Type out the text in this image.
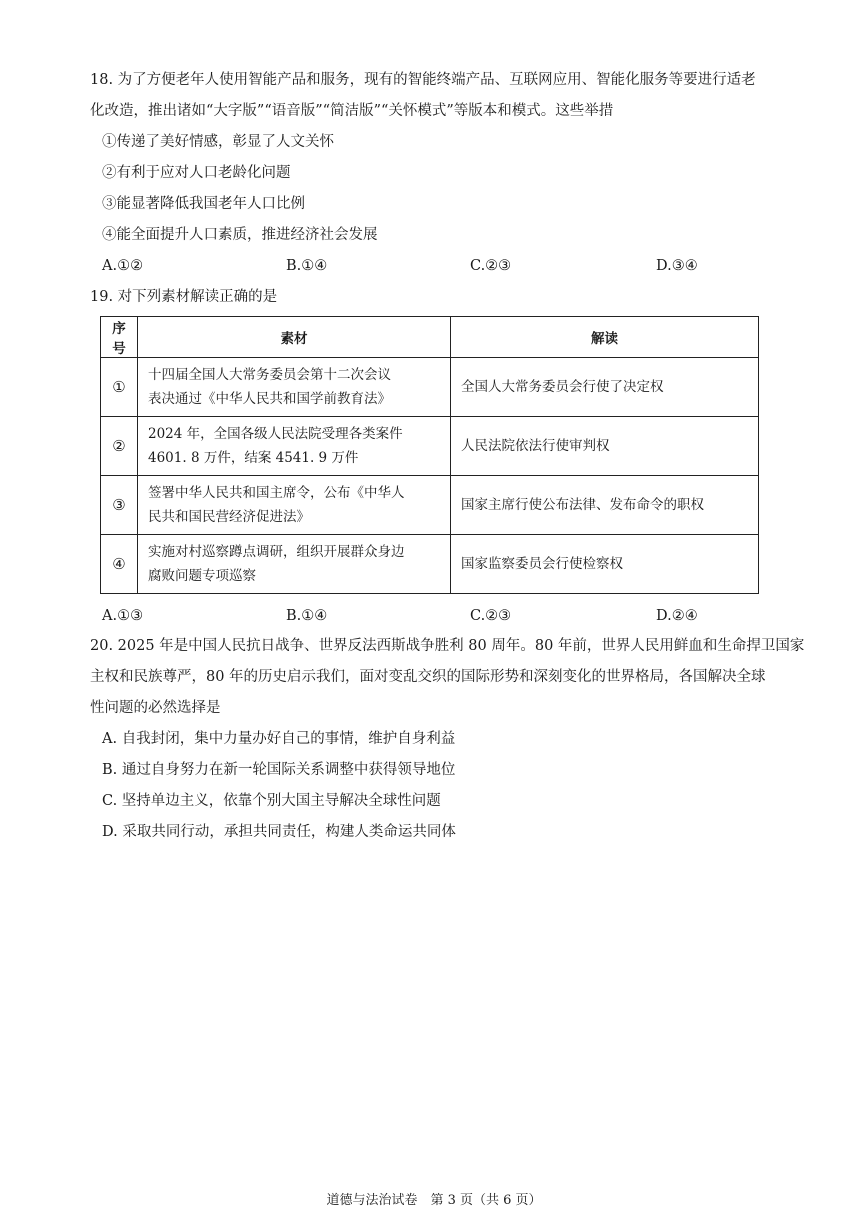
18. 为了方便老年人使用智能产品和服务，现有的智能终端产品、互联网应用、智能化服务等要进行适老
化改造，推出诸如“大字版”“语音版”“简洁版”“关怀模式”等版本和模式。这些举措
①传递了美好情感，彰显了人文关怀
②有利于应对人口老龄化问题
③能显著降低我国老年人口比例
④能全面提升人口素质，推进经济社会发展
A.①②	B.①④	C.②③	D.③④
19. 对下列素材解读正确的是
序号	素材	解读
①	十四届全国人大常务委员会第十二次会议
表决通过《中华人民共和国学前教育法》	全国人大常务委员会行使了决定权
②	2024 年，全国各级人民法院受理各类案件
4601. 8 万件，结案 4541. 9 万件	人民法院依法行使审判权
③	签署中华人民共和国主席令，公布《中华人
民共和国民营经济促进法》	国家主席行使公布法律、发布命令的职权
④	实施对村巡察蹲点调研，组织开展群众身边
腐败问题专项巡察	国家监察委员会行使检察权
A.①③	B.①④	C.②③	D.②④
20. 2025 年是中国人民抗日战争、世界反法西斯战争胜利 80 周年。80 年前，世界人民用鲜血和生命捍卫国家
主权和民族尊严，80 年的历史启示我们，面对变乱交织的国际形势和深刻变化的世界格局，各国解决全球
性问题的必然选择是
A. 自我封闭，集中力量办好自己的事情，维护自身利益
B. 通过自身努力在新一轮国际关系调整中获得领导地位
C. 坚持单边主义，依靠个别大国主导解决全球性问题
D. 采取共同行动，承担共同责任，构建人类命运共同体
道德与法治试卷　第 3 页（共 6 页）
